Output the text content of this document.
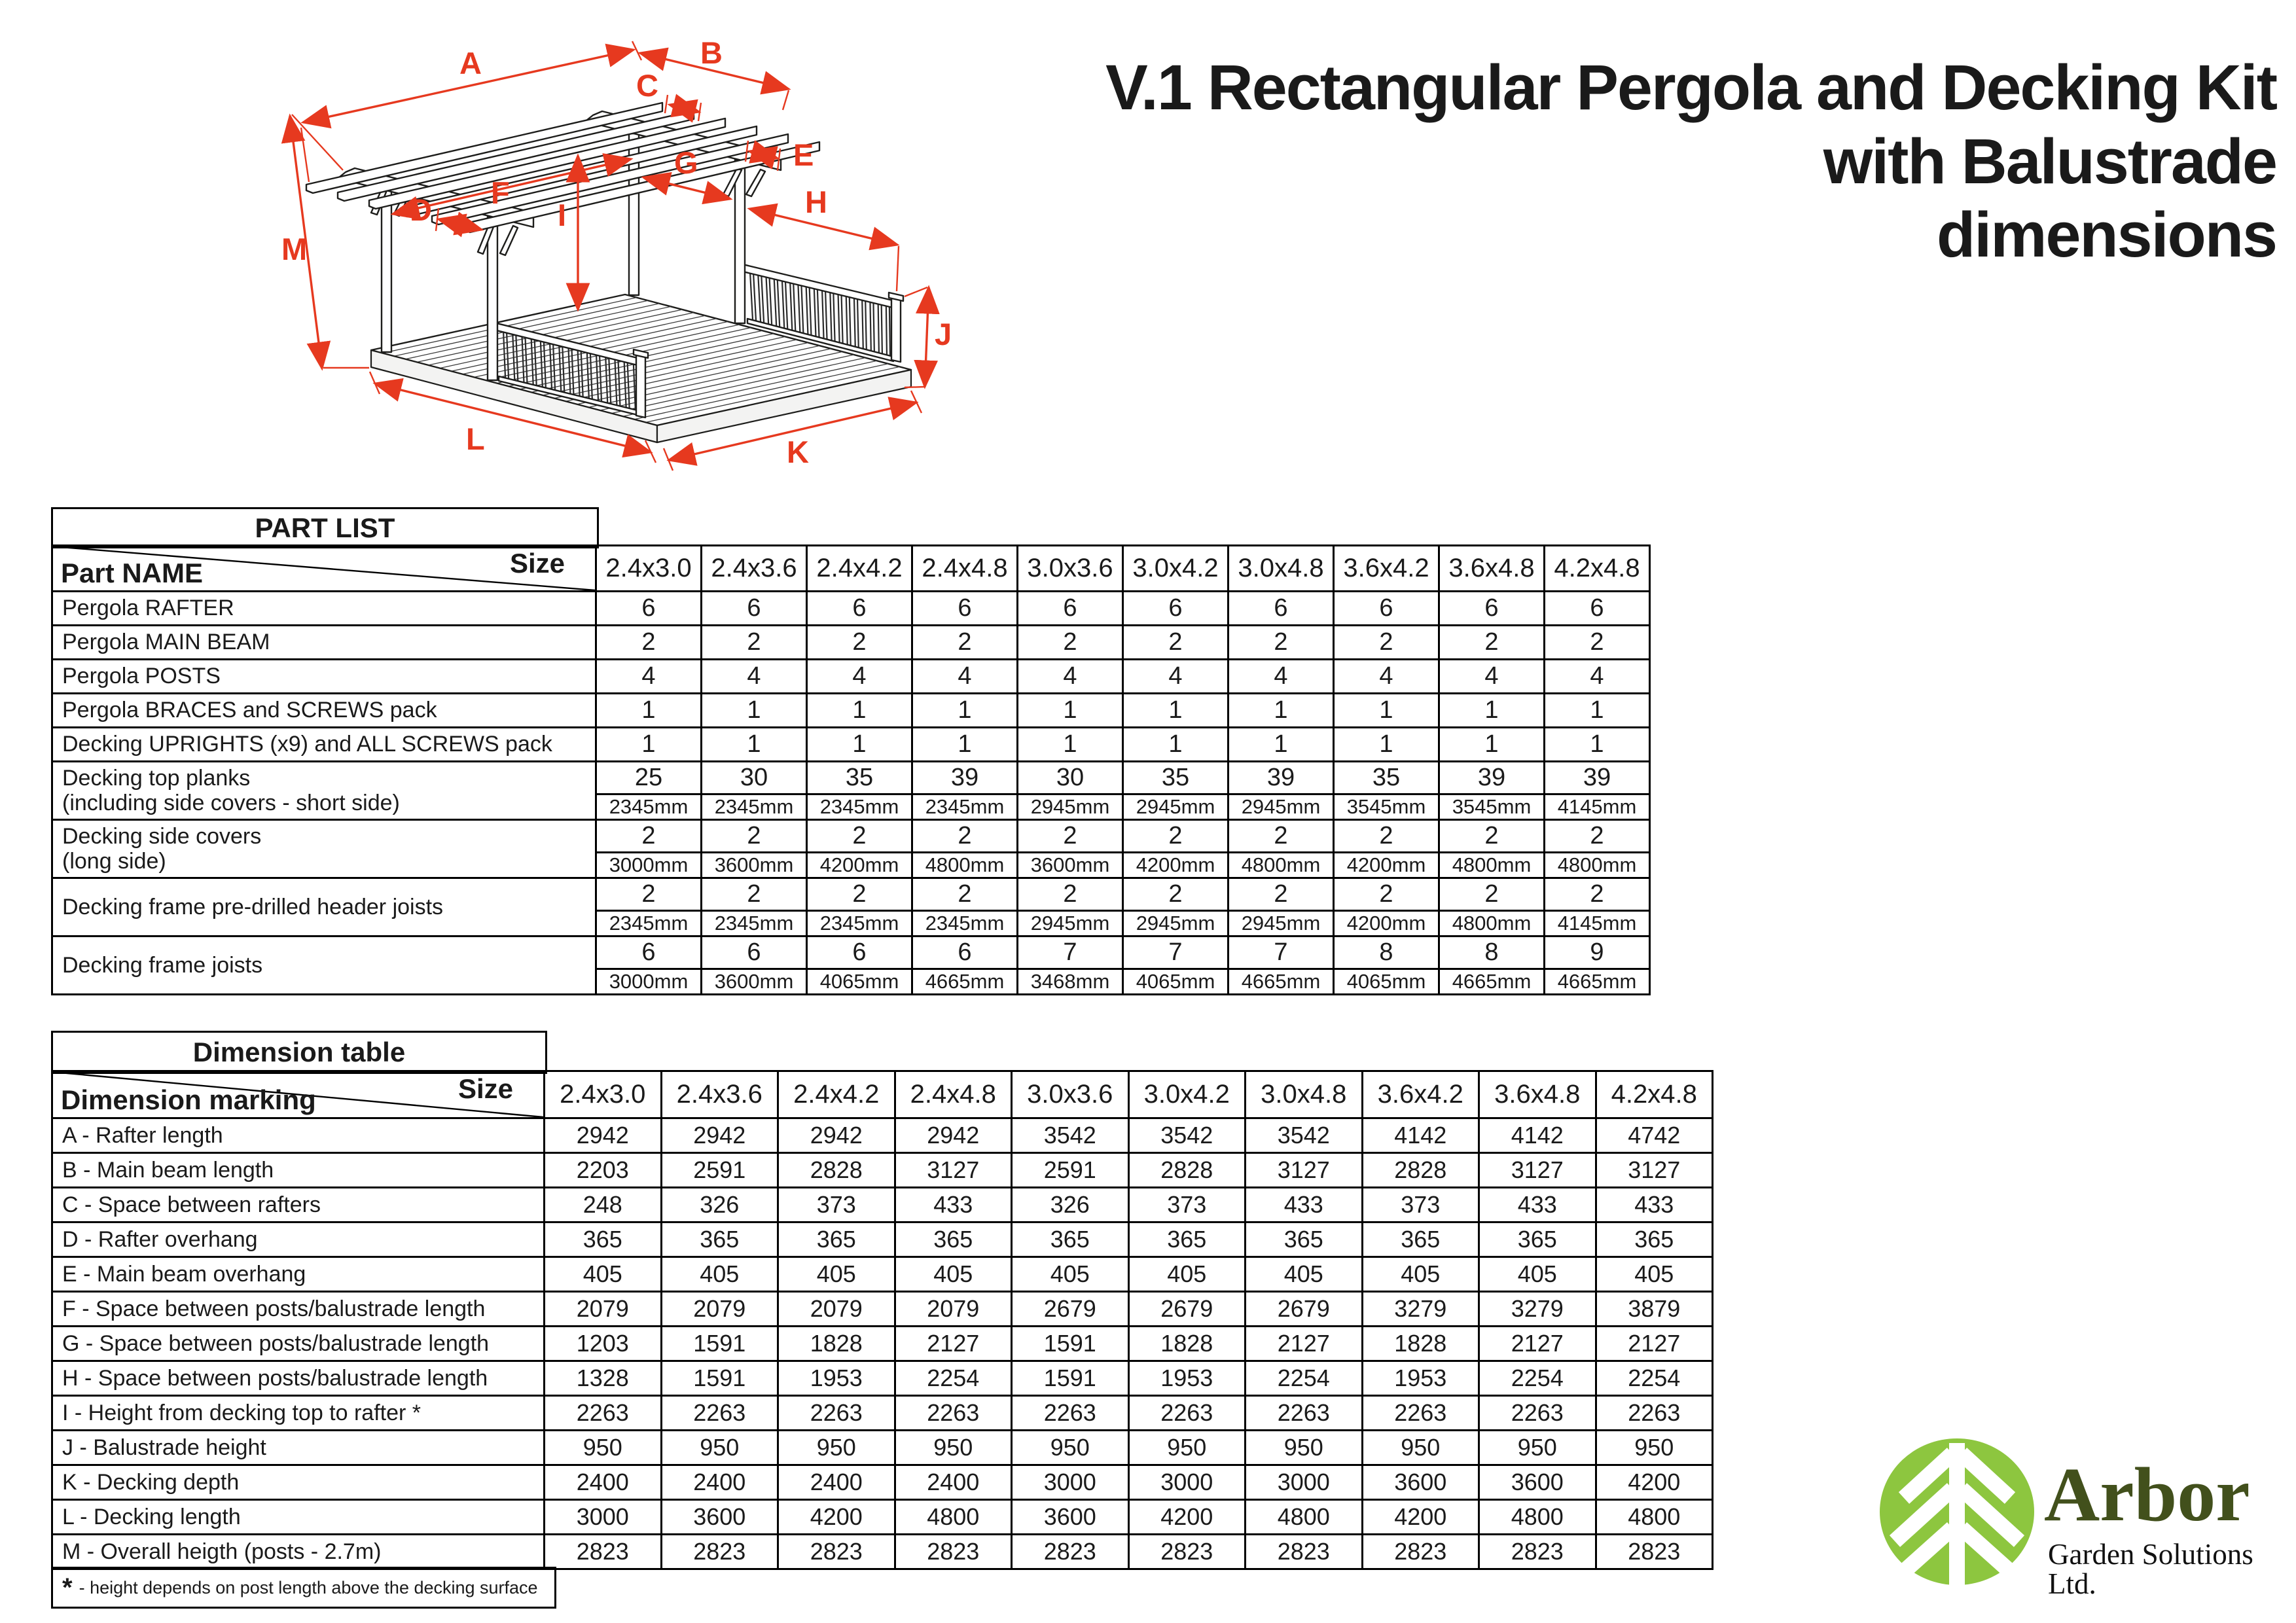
V.1 Rectangular Pergola and Decking Kit
with Balustrade
dimensions
A	B
C
D
E
F
G
H
I
J
K
L
M
PART LIST
Size
Part NAME	2.4x3.0	2.4x3.6	2.4x4.2	2.4x4.8	3.0x3.6	3.0x4.2	3.0x4.8	3.6x4.2	3.6x4.8	4.2x4.8
Pergola RAFTER	6	6	6	6	6	6	6	6	6	6
Pergola MAIN BEAM	2	2	2	2	2	2	2	2	2	2
Pergola POSTS	4	4	4	4	4	4	4	4	4	4
Pergola BRACES and SCREWS pack	1	1	1	1	1	1	1	1	1	1
Decking UPRIGHTS (x9) and ALL SCREWS pack	1	1	1	1	1	1	1	1	1	1

Decking top planks
(including side covers - short side)	25	30	35	39	30	35	39	35	39	39
	2345mm	2345mm	2345mm	2345mm	2945mm	2945mm	2945mm	3545mm	3545mm	4145mm

Decking side covers
(long side)	2	2	2	2	2	2	2	2	2	2
	3000mm	3600mm	4200mm	4800mm	3600mm	4200mm	4800mm	4200mm	4800mm	4800mm

Decking frame pre-drilled header joists	2	2	2	2	2	2	2	2	2	2
	2345mm	2345mm	2345mm	2345mm	2945mm	2945mm	2945mm	4200mm	4800mm	4145mm

Decking frame joists	6	6	6	6	7	7	7	8	8	9
	3000mm	3600mm	4065mm	4665mm	3468mm	4065mm	4665mm	4065mm	4665mm	4665mm
Dimension table
Size
Dimension marking	2.4x3.0	2.4x3.6	2.4x4.2	2.4x4.8	3.0x3.6	3.0x4.2	3.0x4.8	3.6x4.2	3.6x4.8	4.2x4.8
A - Rafter length	2942	2942	2942	2942	3542	3542	3542	4142	4142	4742
B - Main beam length	2203	2591	2828	3127	2591	2828	3127	2828	3127	3127
C - Space between rafters	248	326	373	433	326	373	433	373	433	433
D - Rafter overhang	365	365	365	365	365	365	365	365	365	365
E - Main beam overhang	405	405	405	405	405	405	405	405	405	405
F - Space between posts/balustrade length	2079	2079	2079	2079	2679	2679	2679	3279	3279	3879
G - Space between posts/balustrade length	1203	1591	1828	2127	1591	1828	2127	1828	2127	2127
H - Space between posts/balustrade length	1328	1591	1953	2254	1591	1953	2254	1953	2254	2254
I - Height from decking top to rafter *	2263	2263	2263	2263	2263	2263	2263	2263	2263	2263
J - Balustrade height	950	950	950	950	950	950	950	950	950	950
K - Decking depth	2400	2400	2400	2400	3000	3000	3000	3600	3600	4200
L - Decking length	3000	3600	4200	4800	3600	4200	4800	4200	4800	4800
M - Overall heigth (posts - 2.7m)	2823	2823	2823	2823	2823	2823	2823	2823	2823	2823
* - height depends on post length above the decking surface
Arbor
Garden Solutions Ltd.
